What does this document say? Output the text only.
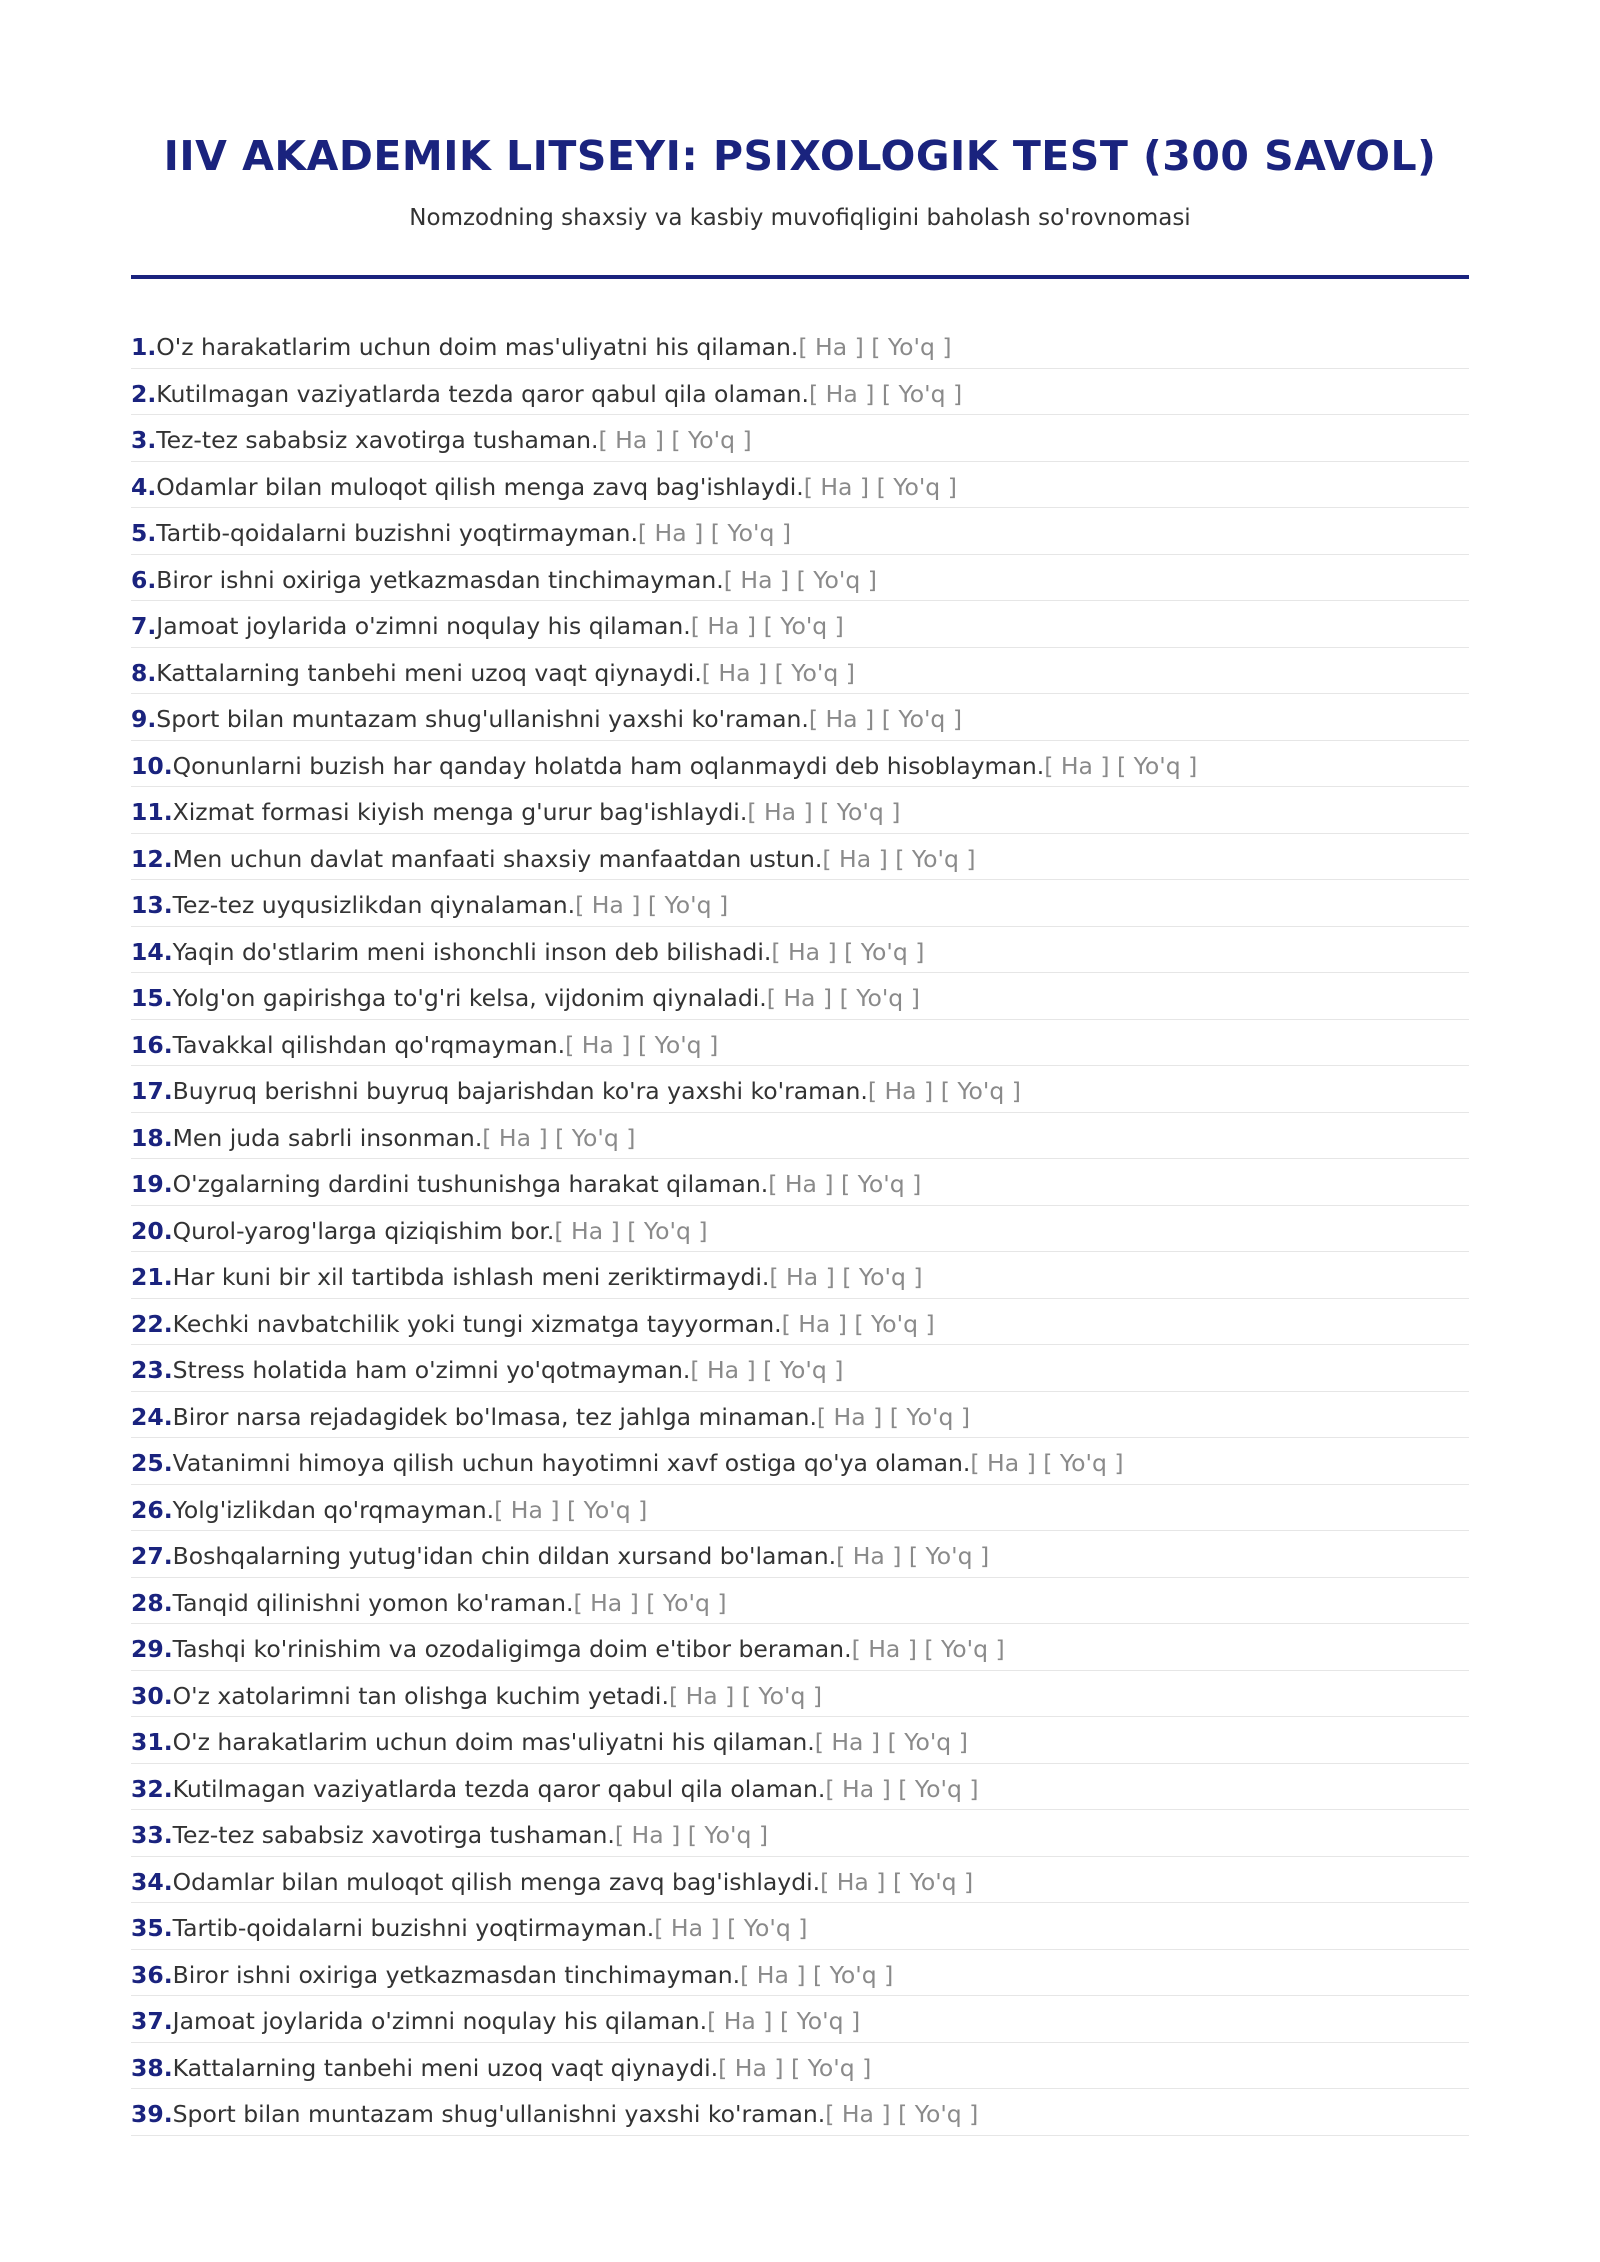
IIV AKADEMIK LITSEYI: PSIXOLOGIK TEST (300 SAVOL)

Nomzodning shaxsiy va kasbiy muvofiqligini baholash so'rovnomasi

1.O'z harakatlarim uchun doim mas'uliyatni his qilaman.[ Ha ] [ Yo'q ]
2.Kutilmagan vaziyatlarda tezda qaror qabul qila olaman.[ Ha ] [ Yo'q ]
3.Tez-tez sababsiz xavotirga tushaman.[ Ha ] [ Yo'q ]
4.Odamlar bilan muloqot qilish menga zavq bag'ishlaydi.[ Ha ] [ Yo'q ]
5.Tartib-qoidalarni buzishni yoqtirmayman.[ Ha ] [ Yo'q ]
6.Biror ishni oxiriga yetkazmasdan tinchimayman.[ Ha ] [ Yo'q ]
7.Jamoat joylarida o'zimni noqulay his qilaman.[ Ha ] [ Yo'q ]
8.Kattalarning tanbehi meni uzoq vaqt qiynaydi.[ Ha ] [ Yo'q ]
9.Sport bilan muntazam shug'ullanishni yaxshi ko'raman.[ Ha ] [ Yo'q ]
10.Qonunlarni buzish har qanday holatda ham oqlanmaydi deb hisoblayman.[ Ha ] [ Yo'q ]
11.Xizmat formasi kiyish menga g'urur bag'ishlaydi.[ Ha ] [ Yo'q ]
12.Men uchun davlat manfaati shaxsiy manfaatdan ustun.[ Ha ] [ Yo'q ]
13.Tez-tez uyqusizlikdan qiynalaman.[ Ha ] [ Yo'q ]
14.Yaqin do'stlarim meni ishonchli inson deb bilishadi.[ Ha ] [ Yo'q ]
15.Yolg'on gapirishga to'g'ri kelsa, vijdonim qiynaladi.[ Ha ] [ Yo'q ]
16.Tavakkal qilishdan qo'rqmayman.[ Ha ] [ Yo'q ]
17.Buyruq berishni buyruq bajarishdan ko'ra yaxshi ko'raman.[ Ha ] [ Yo'q ]
18.Men juda sabrli insonman.[ Ha ] [ Yo'q ]
19.O'zgalarning dardini tushunishga harakat qilaman.[ Ha ] [ Yo'q ]
20.Qurol-yarog'larga qiziqishim bor.[ Ha ] [ Yo'q ]
21.Har kuni bir xil tartibda ishlash meni zeriktirmaydi.[ Ha ] [ Yo'q ]
22.Kechki navbatchilik yoki tungi xizmatga tayyorman.[ Ha ] [ Yo'q ]
23.Stress holatida ham o'zimni yo'qotmayman.[ Ha ] [ Yo'q ]
24.Biror narsa rejadagidek bo'lmasa, tez jahlga minaman.[ Ha ] [ Yo'q ]
25.Vatanimni himoya qilish uchun hayotimni xavf ostiga qo'ya olaman.[ Ha ] [ Yo'q ]
26.Yolg'izlikdan qo'rqmayman.[ Ha ] [ Yo'q ]
27.Boshqalarning yutug'idan chin dildan xursand bo'laman.[ Ha ] [ Yo'q ]
28.Tanqid qilinishni yomon ko'raman.[ Ha ] [ Yo'q ]
29.Tashqi ko'rinishim va ozodaligimga doim e'tibor beraman.[ Ha ] [ Yo'q ]
30.O'z xatolarimni tan olishga kuchim yetadi.[ Ha ] [ Yo'q ]
31.O'z harakatlarim uchun doim mas'uliyatni his qilaman.[ Ha ] [ Yo'q ]
32.Kutilmagan vaziyatlarda tezda qaror qabul qila olaman.[ Ha ] [ Yo'q ]
33.Tez-tez sababsiz xavotirga tushaman.[ Ha ] [ Yo'q ]
34.Odamlar bilan muloqot qilish menga zavq bag'ishlaydi.[ Ha ] [ Yo'q ]
35.Tartib-qoidalarni buzishni yoqtirmayman.[ Ha ] [ Yo'q ]
36.Biror ishni oxiriga yetkazmasdan tinchimayman.[ Ha ] [ Yo'q ]
37.Jamoat joylarida o'zimni noqulay his qilaman.[ Ha ] [ Yo'q ]
38.Kattalarning tanbehi meni uzoq vaqt qiynaydi.[ Ha ] [ Yo'q ]
39.Sport bilan muntazam shug'ullanishni yaxshi ko'raman.[ Ha ] [ Yo'q ]
